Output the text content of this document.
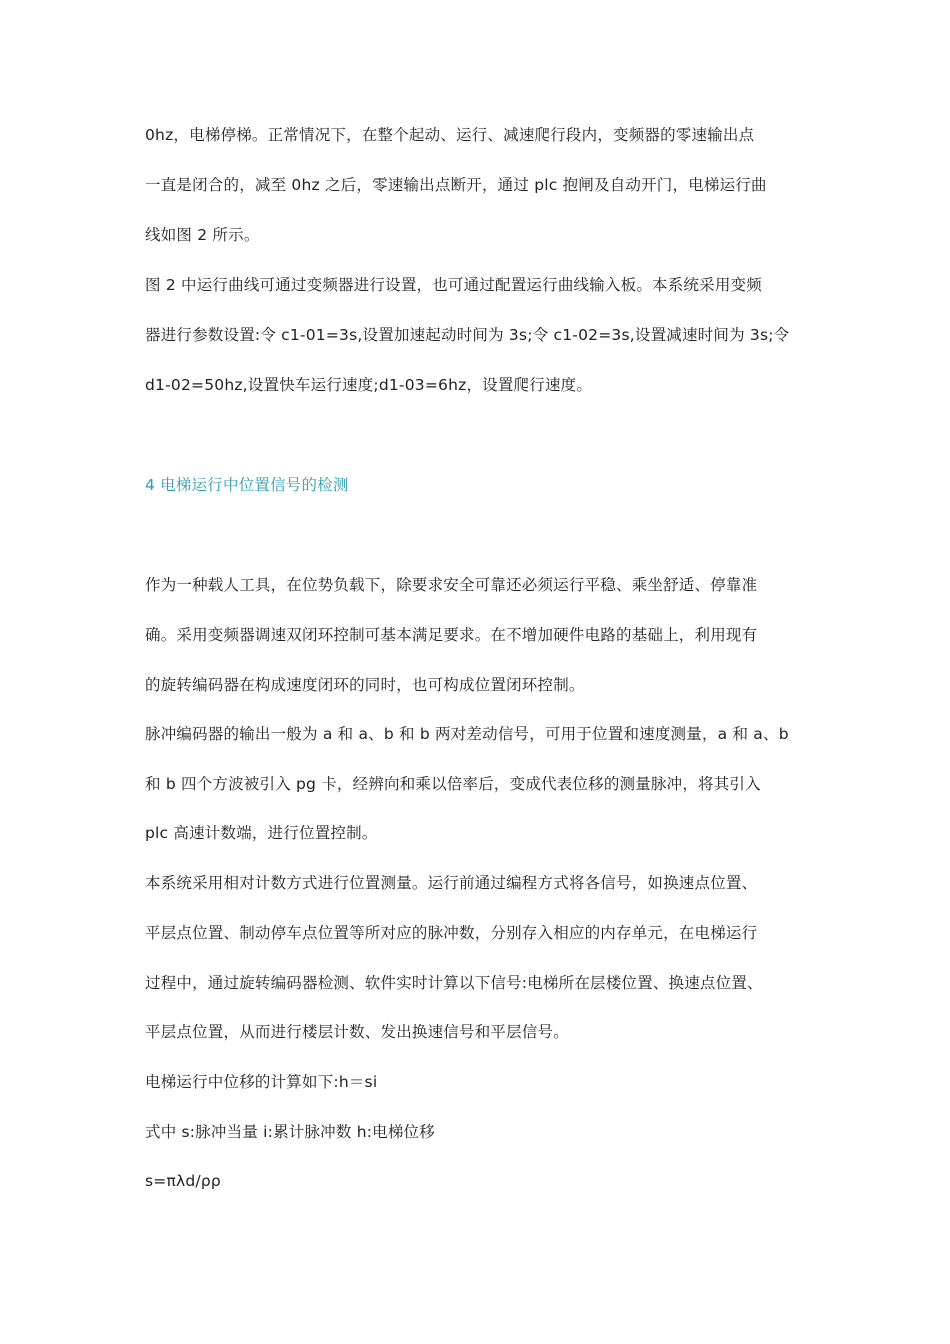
0hz，电梯停梯。正常情况下，在整个起动、运行、减速爬行段内，变频器的零速输出点
一直是闭合的，减至 0hz 之后，零速输出点断开，通过 plc 抱闸及自动开门，电梯运行曲
线如图 2 所示。
图 2 中运行曲线可通过变频器进行设置，也可通过配置运行曲线输入板。本系统采用变频
器进行参数设置:令 c1-01=3s,设置加速起动时间为 3s;令 c1-02=3s,设置减速时间为 3s;令
d1-02=50hz,设置快车运行速度;d1-03=6hz，设置爬行速度。
4 电梯运行中位置信号的检测
作为一种载人工具，在位势负载下，除要求安全可靠还必须运行平稳、乘坐舒适、停靠准
确。采用变频器调速双闭环控制可基本满足要求。在不增加硬件电路的基础上，利用现有
的旋转编码器在构成速度闭环的同时，也可构成位置闭环控制。
脉冲编码器的输出一般为 a 和 a、b 和 b 两对差动信号，可用于位置和速度测量，a 和 a、b
和 b 四个方波被引入 pg 卡，经辨向和乘以倍率后，变成代表位移的测量脉冲，将其引入
plc 高速计数端，进行位置控制。
本系统采用相对计数方式进行位置测量。运行前通过编程方式将各信号，如换速点位置、
平层点位置、制动停车点位置等所对应的脉冲数，分别存入相应的内存单元，在电梯运行
过程中，通过旋转编码器检测、软件实时计算以下信号:电梯所在层楼位置、换速点位置、
平层点位置，从而进行楼层计数、发出换速信号和平层信号。
电梯运行中位移的计算如下:h＝si
式中 s:脉冲当量 i:累计脉冲数 h:电梯位移
s=πλd/ρρ
